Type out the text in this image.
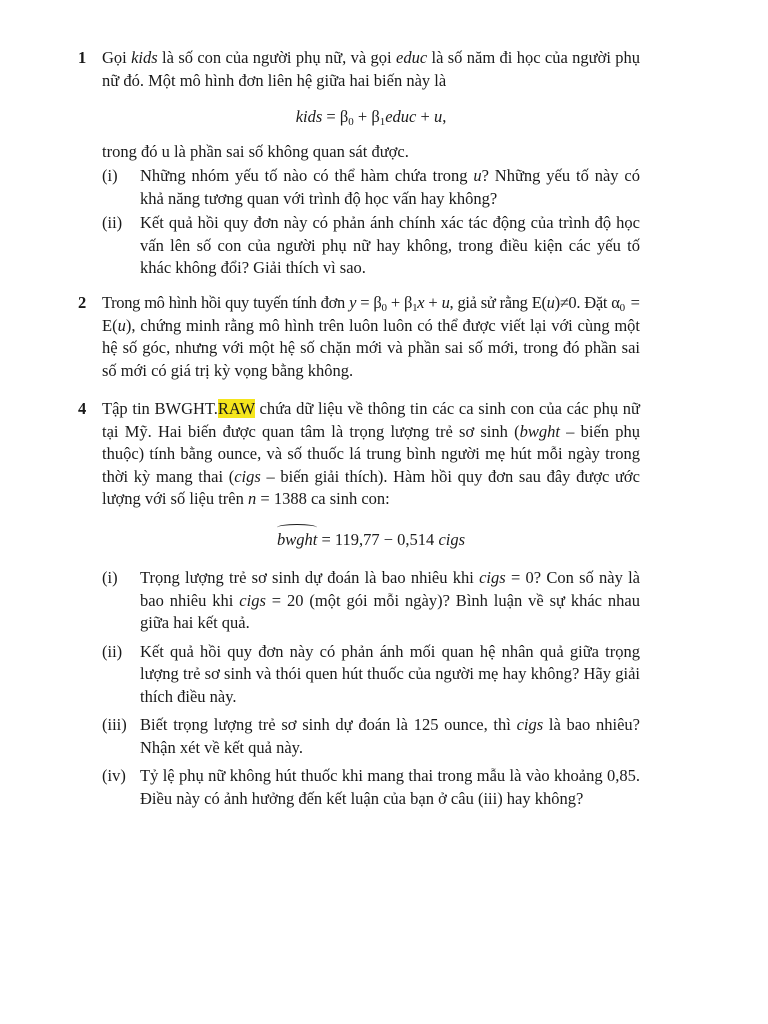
1 Gọi kids là số con của người phụ nữ, và gọi educ là số năm đi học của người phụ nữ đó. Một mô hình đơn liên hệ giữa hai biến này là

kids = $\beta_0$ + $\beta_1educ + u$,

trong đó u là phần sai số không quan sát được.

(i) Những nhóm yếu tố nào có thể hàm chứa trong u? Những yếu tố này có khả năng tương quan với trình độ học vấn hay không?
(ii) Kết quả hồi quy đơn này có phản ánh chính xác tác động của trình độ học vấn lên số con của người phụ nữ hay không, trong điều kiện các yếu tố khác không đổi? Giải thích vì sao.
2 Trong mô hình hồi quy tuyến tính đơn $y = \beta_0 + \beta_1x + u$, giả sử rằng E(u)≠0. Đặt $\alpha_0 = E(u)$, chứng minh rằng mô hình trên luôn luôn có thể được viết lại với cùng một hệ số góc, nhưng với một hệ số chặn mới và phần sai số mới, trong đó phần sai số mới có giá trị kỳ vọng bằng không.

4 Tập tin BWGHT.RAW chứa dữ liệu về thông tin các ca sinh con của các phụ nữ tại Mỹ. Hai biến được quan tâm là trọng lượng trẻ sơ sinh (bwght – biến phụ thuộc) tính bằng ounce, và số thuốc lá trung bình người mẹ hút mỗi ngày trong thời kỳ mang thai (cigs – biến giải thích). Hàm hồi quy đơn sau đây được ước lượng với số liệu trên n = 1388 ca sinh con:

bwght = 119,77 − 0,514 cigs
(i) Trọng lượng trẻ sơ sinh dự đoán là bao nhiêu khi cigs = 0? Con số này là bao nhiêu khi cigs = 20 (một gói mỗi ngày)? Bình luận về sự khác nhau giữa hai kết quả.
(ii) Kết quả hồi quy đơn này có phản ánh mối quan hệ nhân quả giữa trọng lượng trẻ sơ sinh và thói quen hút thuốc của người mẹ hay không? Hãy giải thích điều này.
(iii) Biết trọng lượng trẻ sơ sinh dự đoán là 125 ounce, thì cigs là bao nhiêu? Nhận xét về kết quả này.
(iv) Tỷ lệ phụ nữ không hút thuốc khi mang thai trong mẫu là vào khoảng 0,85. Điều này có ảnh hưởng đến kết luận của bạn ở câu (iii) hay không?
